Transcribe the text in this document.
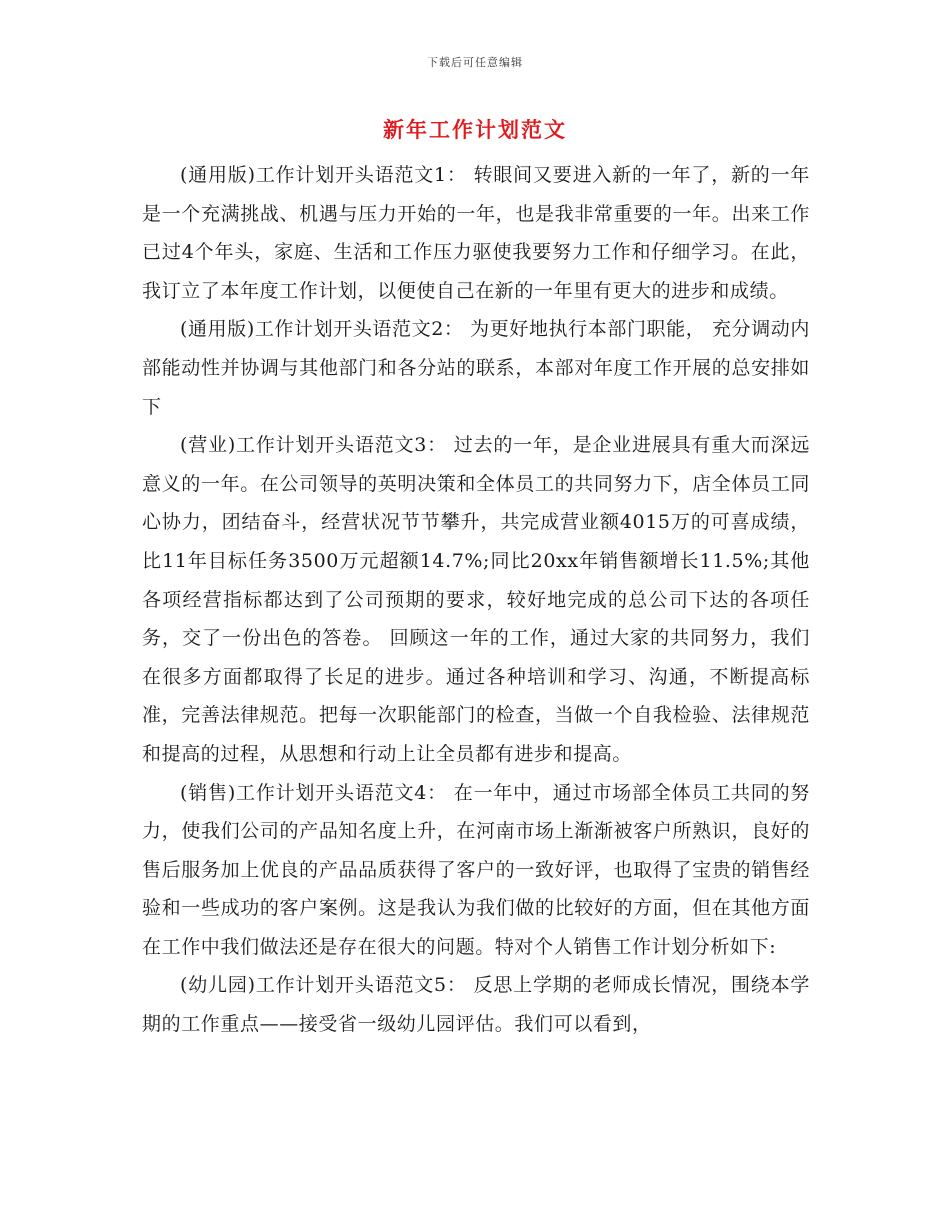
下载后可任意编辑
新年工作计划范文

(通用版)工作计划开头语范文1： 转眼间又要进入新的一年了，新的一年是一个充满挑战、机遇与压力开始的一年，也是我非常重要的一年。出来工作已过4个年头，家庭、生活和工作压力驱使我要努力工作和仔细学习。在此，我订立了本年度工作计划，以便使自己在新的一年里有更大的进步和成绩。

(通用版)工作计划开头语范文2： 为更好地执行本部门职能， 充分调动内部能动性并协调与其他部门和各分站的联系，本部对年度工作开展的总安排如下

(营业)工作计划开头语范文3： 过去的一年，是企业进展具有重大而深远意义的一年。在公司领导的英明决策和全体员工的共同努力下，店全体员工同心协力，团结奋斗，经营状况节节攀升，共完成营业额4015万的可喜成绩，比11年目标任务3500万元超额14.7%;同比20xx年销售额增长11.5%;其他各项经营指标都达到了公司预期的要求，较好地完成的总公司下达的各项任务，交了一份出色的答卷。 回顾这一年的工作，通过大家的共同努力，我们在很多方面都取得了长足的进步。通过各种培训和学习、沟通，不断提高标准，完善法律规范。把每一次职能部门的检查，当做一个自我检验、法律规范和提高的过程，从思想和行动上让全员都有进步和提高。

(销售)工作计划开头语范文4： 在一年中，通过市场部全体员工共同的努力，使我们公司的产品知名度上升，在河南市场上渐渐被客户所熟识，良好的售后服务加上优良的产品品质获得了客户的一致好评，也取得了宝贵的销售经验和一些成功的客户案例。这是我认为我们做的比较好的方面，但在其他方面在工作中我们做法还是存在很大的问题。特对个人销售工作计划分析如下:

(幼儿园)工作计划开头语范文5： 反思上学期的老师成长情况，围绕本学期的工作重点——接受省一级幼儿园评估。我们可以看到，
